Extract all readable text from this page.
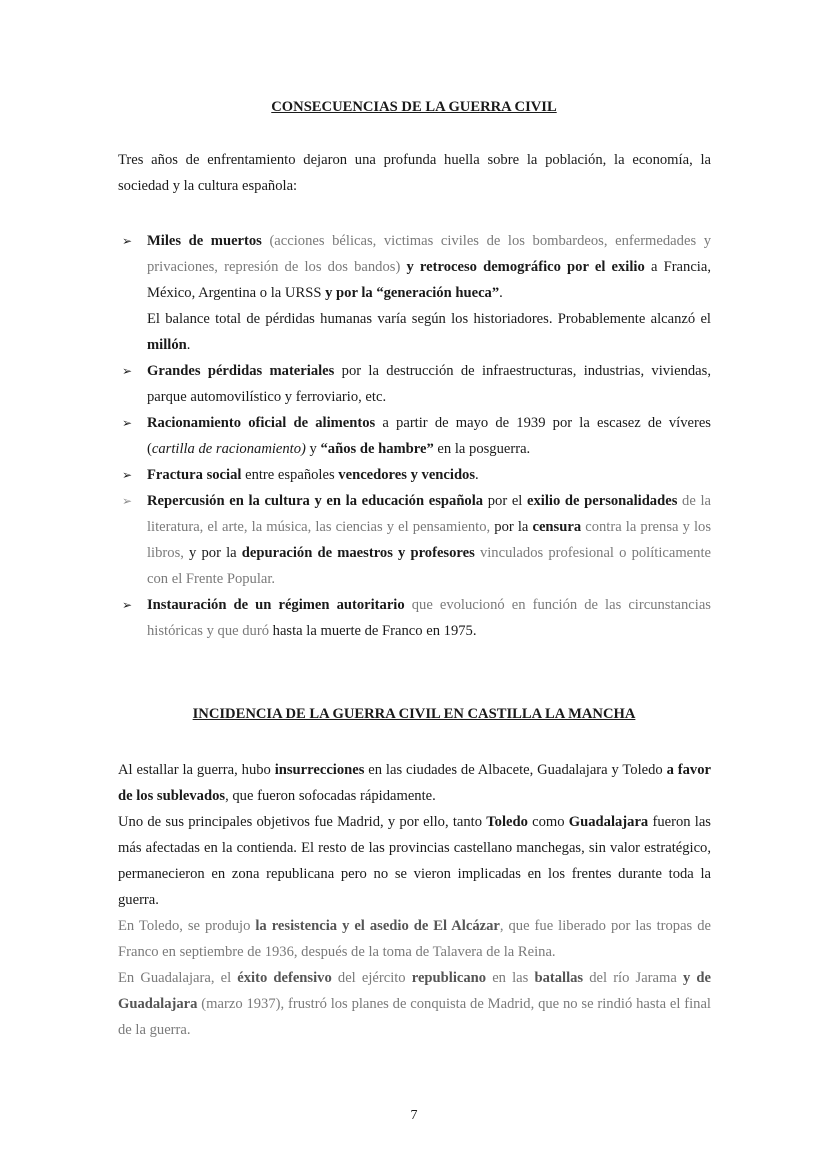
CONSECUENCIAS DE LA GUERRA CIVIL

Tres años de enfrentamiento dejaron una profunda huella sobre la población, la economía, la sociedad y la cultura española:

➢ Miles de muertos (acciones bélicas, victimas civiles de los bombardeos, enfermedades y privaciones, represión de los dos bandos) y retroceso demográfico por el exilio a Francia, México, Argentina o la URSS y por la “generación hueca”.
El balance total de pérdidas humanas varía según los historiadores. Probablemente alcanzó el millón.
➢ Grandes pérdidas materiales por la destrucción de infraestructuras, industrias, viviendas, parque automovilístico y ferroviario, etc.
➢ Racionamiento oficial de alimentos a partir de mayo de 1939 por la escasez de víveres (cartilla de racionamiento) y “años de hambre” en la posguerra.
➢ Fractura social entre españoles vencedores y vencidos.
➢ Repercusión en la cultura y en la educación española por el exilio de personalidades de la literatura, el arte, la música, las ciencias y el pensamiento, por la censura contra la prensa y los libros, y por la depuración de maestros y profesores vinculados profesional o políticamente con el Frente Popular.
➢ Instauración de un régimen autoritario que evolucionó en función de las circunstancias históricas y que duró hasta la muerte de Franco en 1975.
INCIDENCIA DE LA GUERRA CIVIL EN CASTILLA LA MANCHA
Al estallar la guerra, hubo insurrecciones en las ciudades de Albacete, Guadalajara y Toledo a favor de los sublevados, que fueron sofocadas rápidamente.
Uno de sus principales objetivos fue Madrid, y por ello, tanto Toledo como Guadalajara fueron las más afectadas en la contienda. El resto de las provincias castellano manchegas, sin valor estratégico, permanecieron en zona republicana pero no se vieron implicadas en los frentes durante toda la guerra.
En Toledo, se produjo la resistencia y el asedio de El Alcázar, que fue liberado por las tropas de Franco en septiembre de 1936, después de la toma de Talavera de la Reina.
En Guadalajara, el éxito defensivo del ejército republicano en las batallas del río Jarama y de Guadalajara (marzo 1937), frustró los planes de conquista de Madrid, que no se rindió hasta el final de la guerra.
7
